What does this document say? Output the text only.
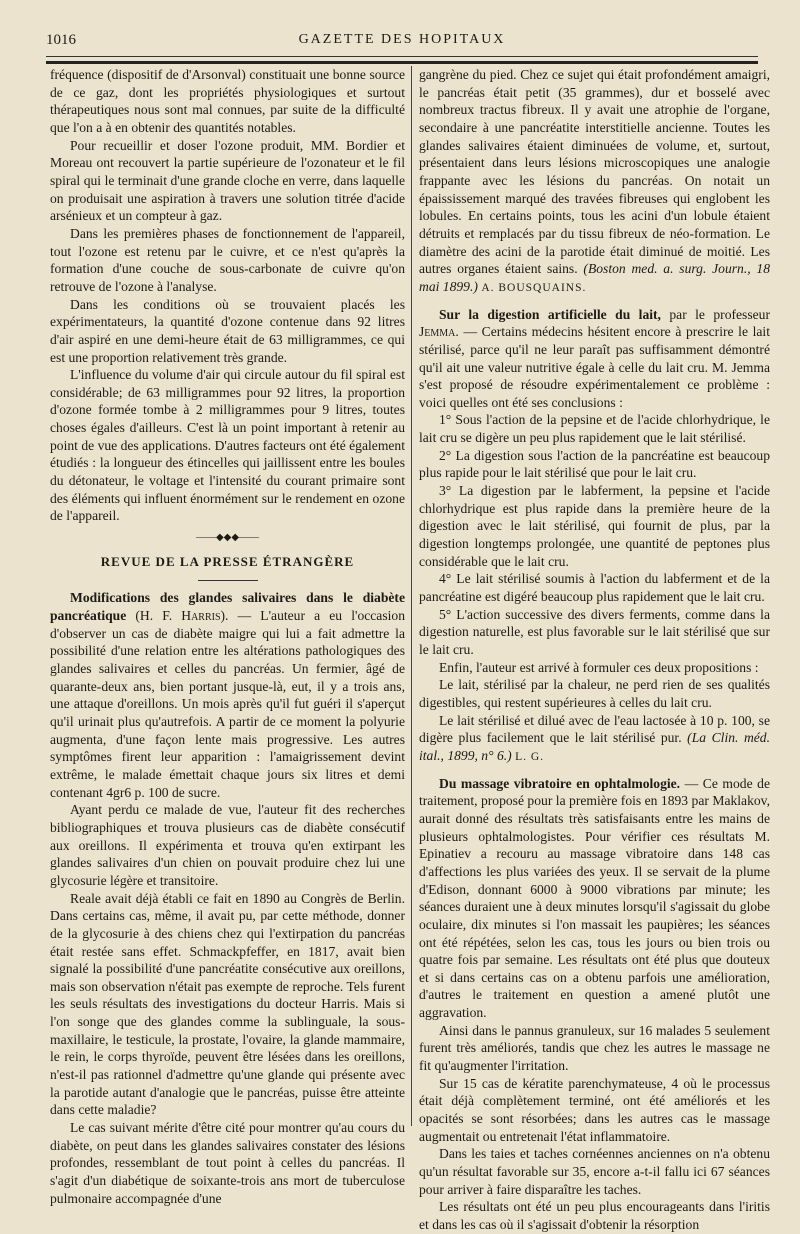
1016	GAZETTE DES HOPITAUX

fréquence (dispositif de d'Arsonval) constituait une bonne source de ce gaz, dont les propriétés physiologiques et surtout thérapeutiques nous sont mal connues, par suite de la difficulté que l'on a à en obtenir des quantités notables.

Pour recueillir et doser l'ozone produit, MM. Bordier et Moreau ont recouvert la partie supérieure de l'ozonateur et le fil spiral qui le terminait d'une grande cloche en verre, dans laquelle on produisait une aspiration à travers une solution titrée d'acide arsénieux et un compteur à gaz.

Dans les premières phases de fonctionnement de l'appareil, tout l'ozone est retenu par le cuivre, et ce n'est qu'après la formation d'une couche de sous-carbonate de cuivre qu'on retrouve de l'ozone à l'analyse.

Dans les conditions où se trouvaient placés les expérimentateurs, la quantité d'ozone contenue dans 92 litres d'air aspiré en une demi-heure était de 63 milligrammes, ce qui est une proportion relativement très grande.

L'influence du volume d'air qui circule autour du fil spiral est considérable; de 63 milligrammes pour 92 litres, la proportion d'ozone formée tombe à 2 milligrammes pour 9 litres, toutes choses égales d'ailleurs. C'est là un point important à retenir au point de vue des applications. D'autres facteurs ont été également étudiés : la longueur des étincelles qui jaillissent entre les boules du détonateur, le voltage et l'intensité du courant primaire sont des éléments qui influent énormément sur le rendement en ozone de l'appareil.

——◆◆◆——
REVUE DE LA PRESSE ÉTRANGÈRE

Modifications des glandes salivaires dans le diabète pancréatique (H. F. Harris). — L'auteur a eu l'occasion d'observer un cas de diabète maigre qui lui a fait admettre la possibilité d'une relation entre les altérations pathologiques des glandes salivaires et celles du pancréas. Un fermier, âgé de quarante-deux ans, bien portant jusque-là, eut, il y a trois ans, une attaque d'oreillons. Un mois après qu'il fut guéri il s'aperçut qu'il urinait plus qu'autrefois. A partir de ce moment la polyurie augmenta, d'une façon lente mais progressive. Les autres symptômes firent leur apparition : l'amaigrissement devint extrême, le malade émettait chaque jours six litres et demi contenant 4gr6 p. 100 de sucre.

Ayant perdu ce malade de vue, l'auteur fit des recherches bibliographiques et trouva plusieurs cas de diabète consécutif aux oreillons. Il expérimenta et trouva qu'en extirpant les glandes salivaires d'un chien on pouvait produire chez lui une glycosurie légère et transitoire.

Reale avait déjà établi ce fait en 1890 au Congrès de Berlin. Dans certains cas, même, il avait pu, par cette méthode, donner de la glycosurie à des chiens chez qui l'extirpation du pancréas était restée sans effet. Schmackpfeffer, en 1817, avait bien signalé la possibilité d'une pancréatite consécutive aux oreillons, mais son observation n'était pas exempte de reproche. Tels furent les seuls résultats des investigations du docteur Harris. Mais si l'on songe que des glandes comme la sublinguale, la sous-maxillaire, le testicule, la prostate, l'ovaire, la glande mammaire, le rein, le corps thyroïde, peuvent être lésées dans les oreillons, n'est-il pas rationnel d'admettre qu'une glande qui présente avec la parotide autant d'analogie que le pancréas, puisse être atteinte dans cette maladie?

Le cas suivant mérite d'être cité pour montrer qu'au cours du diabète, on peut dans les glandes salivaires constater des lésions profondes, ressemblant de tout point à celles du pancréas. Il s'agit d'un diabétique de soixante-trois ans mort de tuberculose pulmonaire accompagnée d'une

gangrène du pied. Chez ce sujet qui était profondément amaigri, le pancréas était petit (35 grammes), dur et bosselé avec nombreux tractus fibreux. Il y avait une atrophie de l'organe, secondaire à une pancréatite interstitielle ancienne. Toutes les glandes salivaires étaient diminuées de volume, et, surtout, présentaient dans leurs lésions microscopiques une analogie frappante avec les lésions du pancréas. On notait un épaississement marqué des travées fibreuses qui englobent les lobules. En certains points, tous les acini d'un lobule étaient détruits et remplacés par du tissu fibreux de néo-formation. Le diamètre des acini de la parotide était diminué de moitié. Les autres organes étaient sains. (Boston med. a. surg. Journ., 18 mai 1899.) A. BOUSQUAINS.

Sur la digestion artificielle du lait, par le professeur Jemma. — Certains médecins hésitent encore à prescrire le lait stérilisé, parce qu'il ne leur paraît pas suffisamment démontré qu'il ait une valeur nutritive égale à celle du lait cru. M. Jemma s'est proposé de résoudre expérimentalement ce problème : voici quelles ont été ses conclusions :

1° Sous l'action de la pepsine et de l'acide chlorhydrique, le lait cru se digère un peu plus rapidement que le lait stérilisé.

2° La digestion sous l'action de la pancréatine est beaucoup plus rapide pour le lait stérilisé que pour le lait cru.

3° La digestion par le labferment, la pepsine et l'acide chlorhydrique est plus rapide dans la première heure de la digestion avec le lait stérilisé, qui fournit de plus, par la digestion longtemps prolongée, une quantité de peptones plus considérable que le lait cru.

4° Le lait stérilisé soumis à l'action du labferment et de la pancréatine est digéré beaucoup plus rapidement que le lait cru.

5° L'action successive des divers ferments, comme dans la digestion naturelle, est plus favorable sur le lait stérilisé que sur le lait cru.

Enfin, l'auteur est arrivé à formuler ces deux propositions :

Le lait, stérilisé par la chaleur, ne perd rien de ses qualités digestibles, qui restent supérieures à celles du lait cru.

Le lait stérilisé et dilué avec de l'eau lactosée à 10 p. 100, se digère plus facilement que le lait stérilisé pur. (La Clin. méd. ital., 1899, n° 6.) L. G.

Du massage vibratoire en ophtalmologie. — Ce mode de traitement, proposé pour la première fois en 1893 par Maklakov, aurait donné des résultats très satisfaisants entre les mains de plusieurs ophtalmologistes. Pour vérifier ces résultats M. Epinatiev a recouru au massage vibratoire dans 148 cas d'affections les plus variées des yeux. Il se servait de la plume d'Edison, donnant 6000 à 9000 vibrations par minute; les séances duraient une à deux minutes lorsqu'il s'agissait du globe oculaire, dix minutes si l'on massait les paupières; les séances ont été répétées, selon les cas, tous les jours ou bien trois ou quatre fois par semaine. Les résultats ont été plus que douteux et si dans certains cas on a obtenu parfois une amélioration, d'autres le traitement en question a amené plutôt une aggravation.

Ainsi dans le pannus granuleux, sur 16 malades 5 seulement furent très améliorés, tandis que chez les autres le massage ne fit qu'augmenter l'irritation.

Sur 15 cas de kératite parenchymateuse, 4 où le processus était déjà complètement terminé, ont été améliorés et les opacités se sont résorbées; dans les autres cas le massage augmentait ou entretenait l'état inflammatoire.

Dans les taies et taches cornéennes anciennes on n'a obtenu qu'un résultat favorable sur 35, encore a-t-il fallu ici 67 séances pour arriver à faire disparaître les taches.

Les résultats ont été un peu plus encourageants dans l'iritis et dans les cas où il s'agissait d'obtenir la résorption
